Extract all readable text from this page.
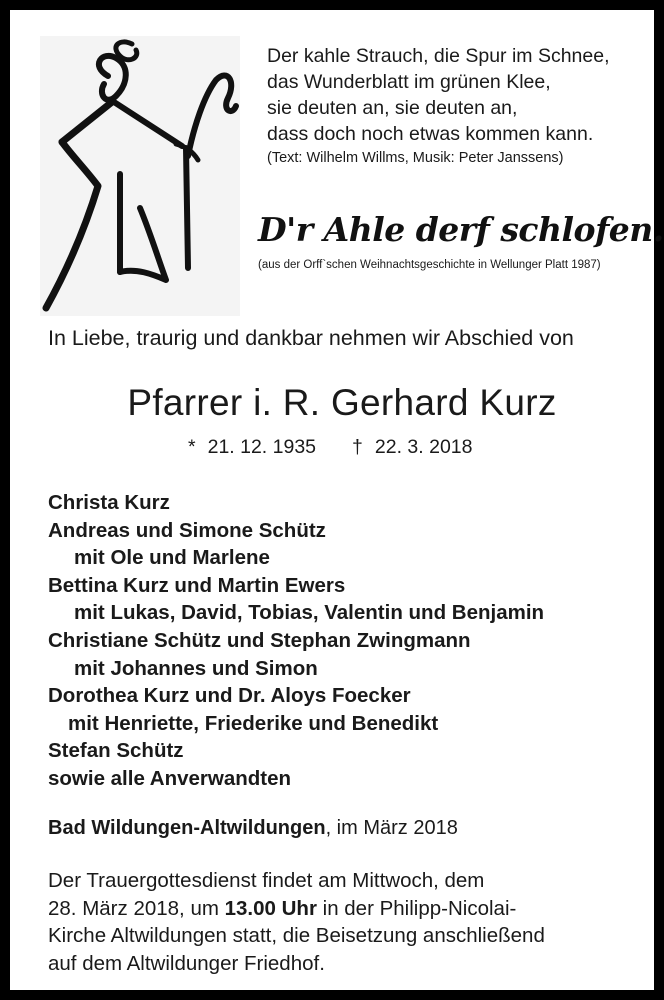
Der kahle Strauch, die Spur im Schnee,
das Wunderblatt im grünen Klee,
sie deuten an, sie deuten an,
dass doch noch etwas kommen kann.
(Text: Wilhelm Willms, Musik: Peter Janssens)
D'r Ahle derf schlofen.
(aus der Orff`schen Weihnachtsgeschichte in Wellunger Platt 1987)
In Liebe, traurig und dankbar nehmen wir Abschied von
Pfarrer i. R. Gerhard Kurz
* 21. 12. 1935 † 22. 3. 2018
Christa Kurz
Andreas und Simone Schütz
mit Ole und Marlene
Bettina Kurz und Martin Ewers
mit Lukas, David, Tobias, Valentin und Benjamin
Christiane Schütz und Stephan Zwingmann
mit Johannes und Simon
Dorothea Kurz und Dr. Aloys Foecker
mit Henriette, Friederike und Benedikt
Stefan Schütz
sowie alle Anverwandten
Bad Wildungen-Altwildungen, im März 2018
Der Trauergottesdienst findet am Mittwoch, dem
28. März 2018, um 13.00 Uhr in der Philipp-Nicolai-
Kirche Altwildungen statt, die Beisetzung anschließend
auf dem Altwildunger Friedhof.
